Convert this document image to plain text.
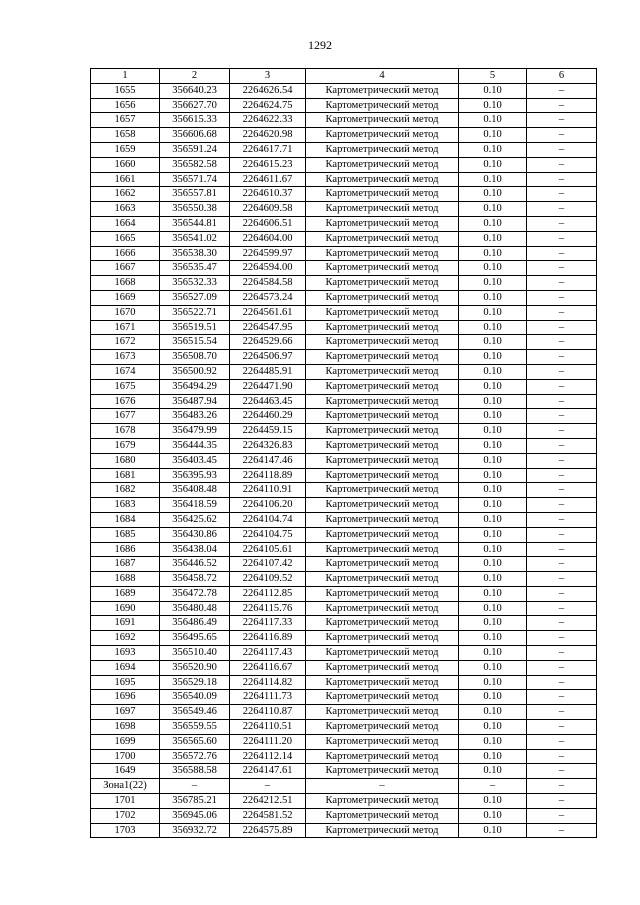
1292
1	2	3	4	5	6
1655	356640.23	2264626.54	Картометрический метод	0.10	–
1656	356627.70	2264624.75	Картометрический метод	0.10	–
1657	356615.33	2264622.33	Картометрический метод	0.10	–
1658	356606.68	2264620.98	Картометрический метод	0.10	–
1659	356591.24	2264617.71	Картометрический метод	0.10	–
1660	356582.58	2264615.23	Картометрический метод	0.10	–
1661	356571.74	2264611.67	Картометрический метод	0.10	–
1662	356557.81	2264610.37	Картометрический метод	0.10	–
1663	356550.38	2264609.58	Картометрический метод	0.10	–
1664	356544.81	2264606.51	Картометрический метод	0.10	–
1665	356541.02	2264604.00	Картометрический метод	0.10	–
1666	356538.30	2264599.97	Картометрический метод	0.10	–
1667	356535.47	2264594.00	Картометрический метод	0.10	–
1668	356532.33	2264584.58	Картометрический метод	0.10	–
1669	356527.09	2264573.24	Картометрический метод	0.10	–
1670	356522.71	2264561.61	Картометрический метод	0.10	–
1671	356519.51	2264547.95	Картометрический метод	0.10	–
1672	356515.54	2264529.66	Картометрический метод	0.10	–
1673	356508.70	2264506.97	Картометрический метод	0.10	–
1674	356500.92	2264485.91	Картометрический метод	0.10	–
1675	356494.29	2264471.90	Картометрический метод	0.10	–
1676	356487.94	2264463.45	Картометрический метод	0.10	–
1677	356483.26	2264460.29	Картометрический метод	0.10	–
1678	356479.99	2264459.15	Картометрический метод	0.10	–
1679	356444.35	2264326.83	Картометрический метод	0.10	–
1680	356403.45	2264147.46	Картометрический метод	0.10	–
1681	356395.93	2264118.89	Картометрический метод	0.10	–
1682	356408.48	2264110.91	Картометрический метод	0.10	–
1683	356418.59	2264106.20	Картометрический метод	0.10	–
1684	356425.62	2264104.74	Картометрический метод	0.10	–
1685	356430.86	2264104.75	Картометрический метод	0.10	–
1686	356438.04	2264105.61	Картометрический метод	0.10	–
1687	356446.52	2264107.42	Картометрический метод	0.10	–
1688	356458.72	2264109.52	Картометрический метод	0.10	–
1689	356472.78	2264112.85	Картометрический метод	0.10	–
1690	356480.48	2264115.76	Картометрический метод	0.10	–
1691	356486.49	2264117.33	Картометрический метод	0.10	–
1692	356495.65	2264116.89	Картометрический метод	0.10	–
1693	356510.40	2264117.43	Картометрический метод	0.10	–
1694	356520.90	2264116.67	Картометрический метод	0.10	–
1695	356529.18	2264114.82	Картометрический метод	0.10	–
1696	356540.09	2264111.73	Картометрический метод	0.10	–
1697	356549.46	2264110.87	Картометрический метод	0.10	–
1698	356559.55	2264110.51	Картометрический метод	0.10	–
1699	356565.60	2264111.20	Картометрический метод	0.10	–
1700	356572.76	2264112.14	Картометрический метод	0.10	–
1649	356588.58	2264147.61	Картометрический метод	0.10	–
Зона1(22)	–	–	–	–	–
1701	356785.21	2264212.51	Картометрический метод	0.10	–
1702	356945.06	2264581.52	Картометрический метод	0.10	–
1703	356932.72	2264575.89	Картометрический метод	0.10	–
